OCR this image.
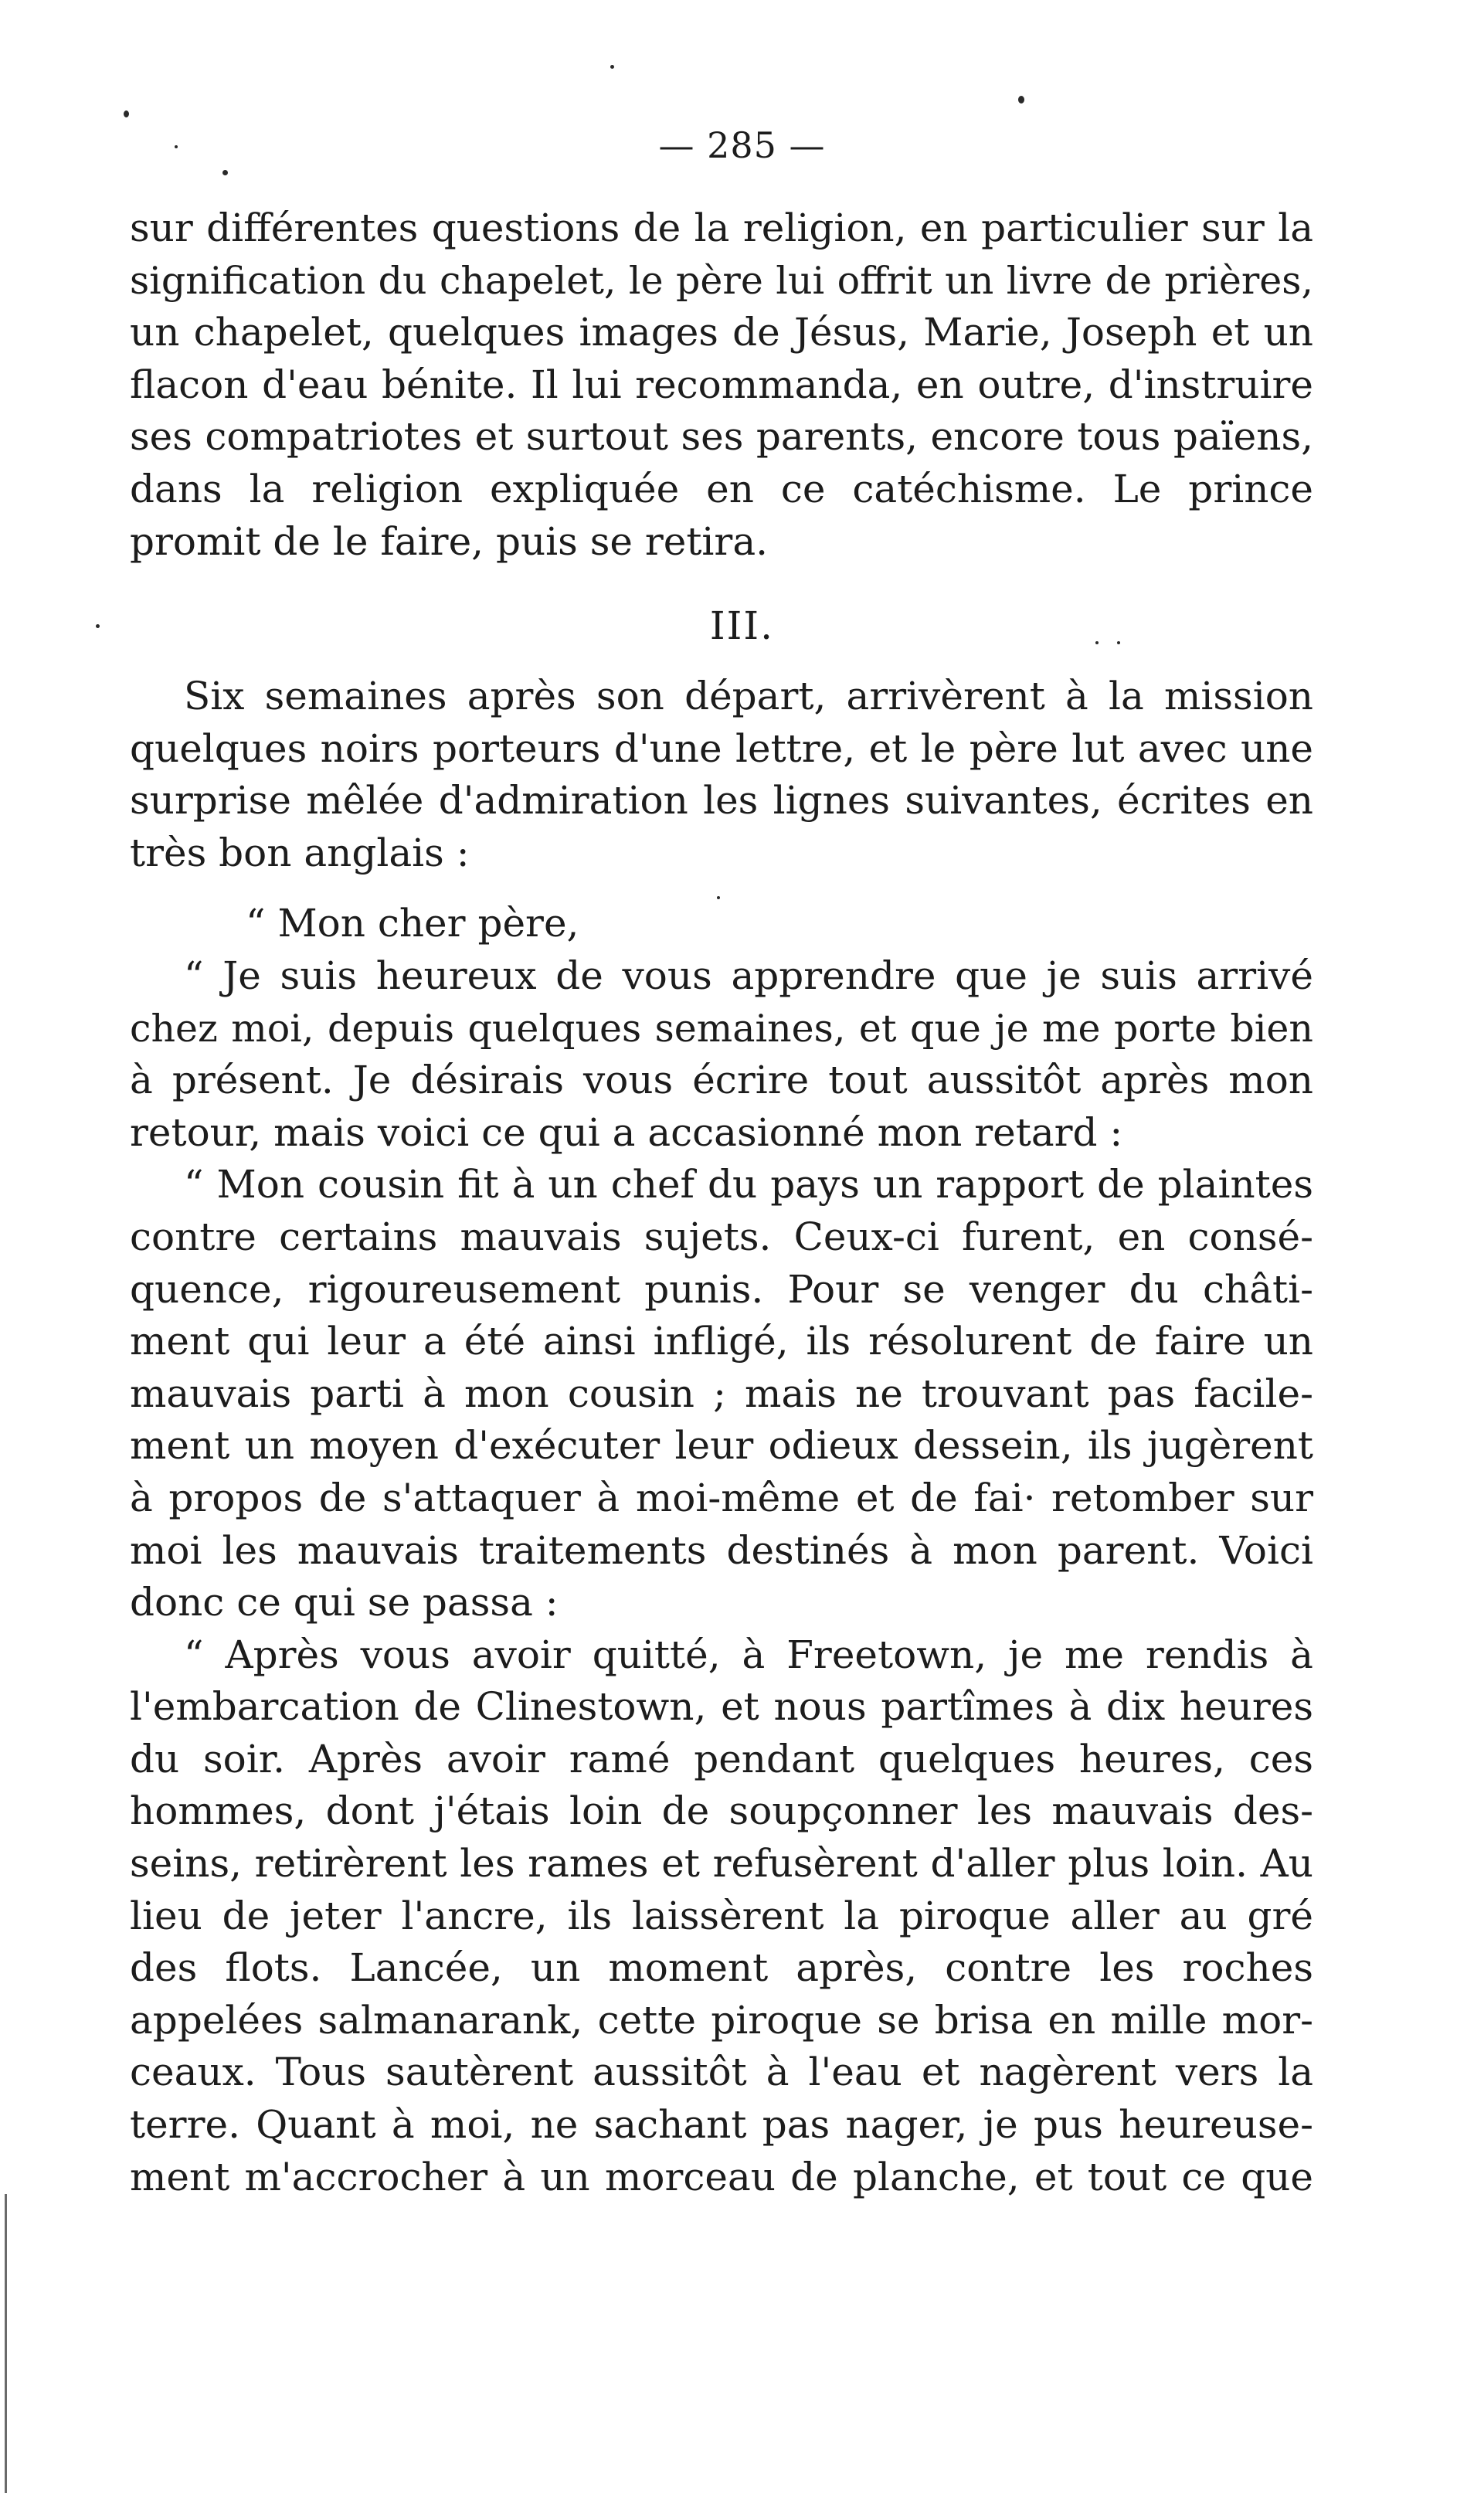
— 285 —
sur différentes questions de la religion, en particulier sur la
signification du chapelet, le père lui offrit un livre de prières,
un chapelet, quelques images de Jésus, Marie, Joseph et un
flacon d'eau bénite. Il lui recommanda, en outre, d'instruire
ses compatriotes et surtout ses parents, encore tous païens,
dans la religion expliquée en ce catéchisme. Le prince
promit de le faire, puis se retira.
III.
Six semaines après son départ, arrivèrent à la mission
quelques noirs porteurs d'une lettre, et le père lut avec une
surprise mêlée d'admiration les lignes suivantes, écrites en
très bon anglais :
“ Mon cher père,
“ Je suis heureux de vous apprendre que je suis arrivé
chez moi, depuis quelques semaines, et que je me porte bien
à présent. Je désirais vous écrire tout aussitôt après mon
retour, mais voici ce qui a accasionné mon retard :
“ Mon cousin fit à un chef du pays un rapport de plaintes
contre certains mauvais sujets. Ceux-ci furent, en consé-
quence, rigoureusement punis. Pour se venger du châti-
ment qui leur a été ainsi infligé, ils résolurent de faire un
mauvais parti à mon cousin ; mais ne trouvant pas facile-
ment un moyen d'exécuter leur odieux dessein, ils jugèrent
à propos de s'attaquer à moi-même et de fai· retomber sur
moi les mauvais traitements destinés à mon parent. Voici
donc ce qui se passa :
“ Après vous avoir quitté, à Freetown, je me rendis à
l'embarcation de Clinestown, et nous partîmes à dix heures
du soir. Après avoir ramé pendant quelques heures, ces
hommes, dont j'étais loin de soupçonner les mauvais des-
seins, retirèrent les rames et refusèrent d'aller plus loin. Au
lieu de jeter l'ancre, ils laissèrent la piroque aller au gré
des flots. Lancée, un moment après, contre les roches
appelées salmanarank, cette piroque se brisa en mille mor-
ceaux. Tous sautèrent aussitôt à l'eau et nagèrent vers la
terre. Quant à moi, ne sachant pas nager, je pus heureuse-
ment m'accrocher à un morceau de planche, et tout ce que
